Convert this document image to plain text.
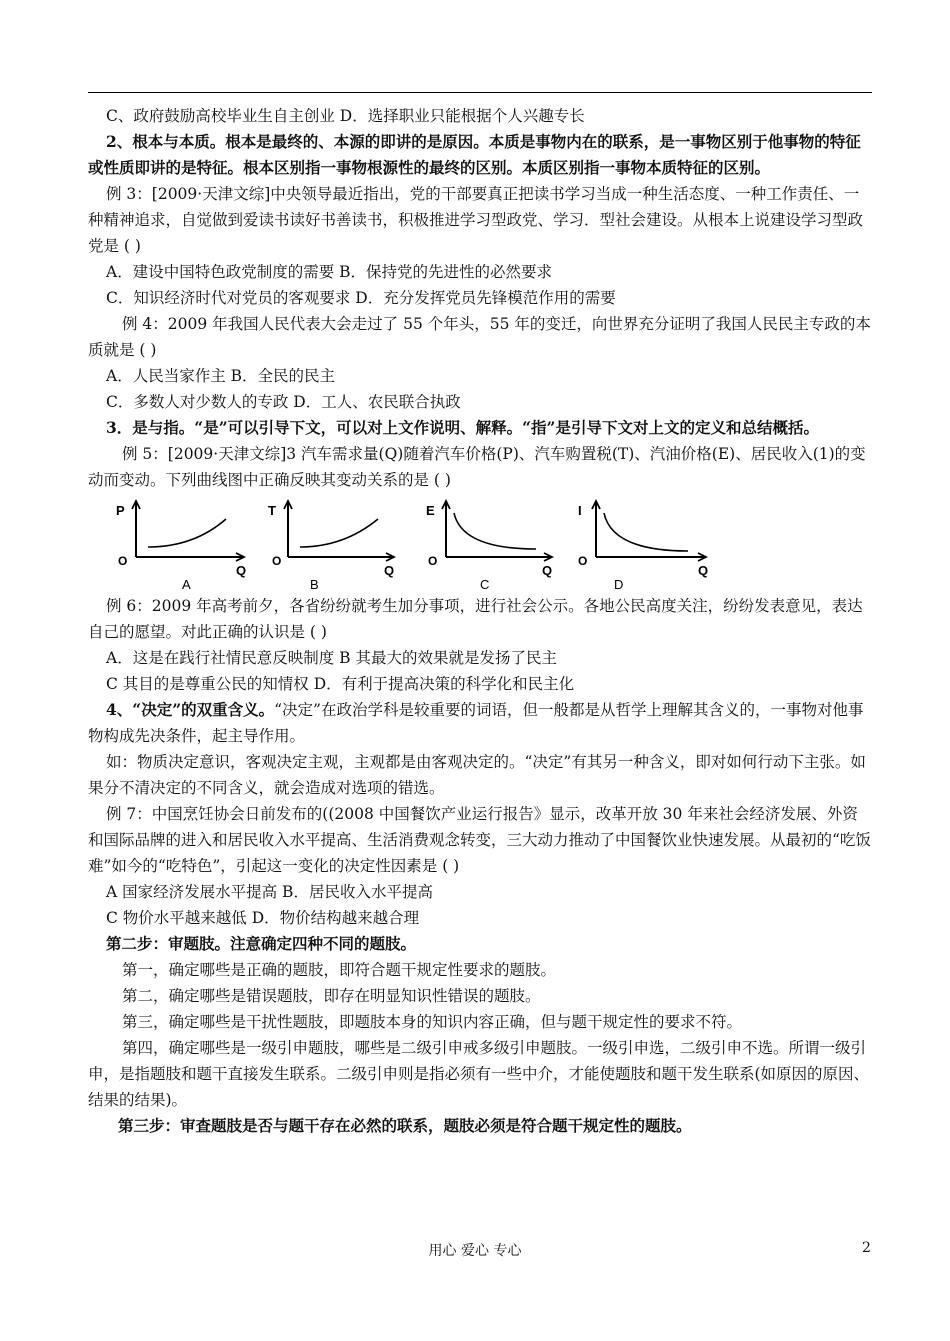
C、政府鼓励高校毕业生自主创业 D．选择职业只能根据个人兴趣专长

2、根本与本质。根本是最终的、本源的即讲的是原因。本质是事物内在的联系，是一事物区别于他事物的特征或性质即讲的是特征。根本区别指一事物根源性的最终的区别。本质区别指一事物本质特征的区别。

例 3：[2009·天津文综]中央领导最近指出，党的干部要真正把读书学习当成一种生活态度、一种工作责任、一种精神追求，自觉做到爱读书读好书善读书，积极推进学习型政党、学习．型社会建设。从根本上说建设学习型政党是 ( )

A．建设中国特色政党制度的需要 B．保持党的先进性的必然要求

C．知识经济时代对党员的客观要求 D．充分发挥党员先锋模范作用的需要

例 4：2009 年我国人民代表大会走过了 55 个年头，55 年的变迁，向世界充分证明了我国人民民主专政的本质就是 ( )

A．人民当家作主 B．全民的民主

C．多数人对少数人的专政 D．工人、农民联合执政

3．是与指。“是”可以引导下文，可以对上文作说明、解释。“指”是引导下文对上文的定义和总结概括。

例 5：[2009·天津文综]3 汽车需求量(Q)随着汽车价格(P)、汽车购置税(T)、汽油价格(E)、居民收入(1)的变动而变动。下列曲线图中正确反映其变动关系的是 ( )

P
O
Q
A
T
O
Q
B
E
O
Q
C
I
O
Q
D

例 6：2009 年高考前夕，各省纷纷就考生加分事项，进行社会公示。各地公民高度关注，纷纷发表意见，表达自己的愿望。对此正确的认识是 ( )

A．这是在践行社情民意反映制度 B 其最大的效果就是发扬了民主

C 其目的是尊重公民的知情权 D．有利于提高决策的科学化和民主化

4、“决定”的双重含义。“决定”在政治学科是较重要的词语，但一般都是从哲学上理解其含义的，一事物对他事物构成先决条件，起主导作用。

如：物质决定意识，客观决定主观，主观都是由客观决定的。“决定”有其另一种含义，即对如何行动下主张。如果分不清决定的不同含义，就会造成对选项的错选。

例 7：中国烹饪协会日前发布的((2008 中国餐饮产业运行报告》显示，改革开放 30 年来社会经济发展、外资和国际品牌的进入和居民收入水平提高、生活消费观念转变，三大动力推动了中国餐饮业快速发展。从最初的“吃饭难”如今的“吃特色”，引起这一变化的决定性因素是 ( )

A 国家经济发展水平提高 B．居民收入水平提高

C 物价水平越来越低 D．物价结构越来越合理

第二步：审题肢。注意确定四种不同的题肢。

第一，确定哪些是正确的题肢，即符合题干规定性要求的题肢。

第二，确定哪些是错误题肢，即存在明显知识性错误的题肢。

第三，确定哪些是干扰性题肢，即题肢本身的知识内容正确，但与题干规定性的要求不符。

第四，确定哪些是一级引申题肢，哪些是二级引申戒多级引申题肢。一级引申选，二级引申不选。所谓一级引申，是指题肢和题干直接发生联系。二级引申则是指必须有一些中介，才能使题肢和题干发生联系(如原因的原因、结果的结果)。

第三步：审查题肢是否与题干存在必然的联系，题肢必须是符合题干规定性的题肢。

用心 爱心 专心	2
